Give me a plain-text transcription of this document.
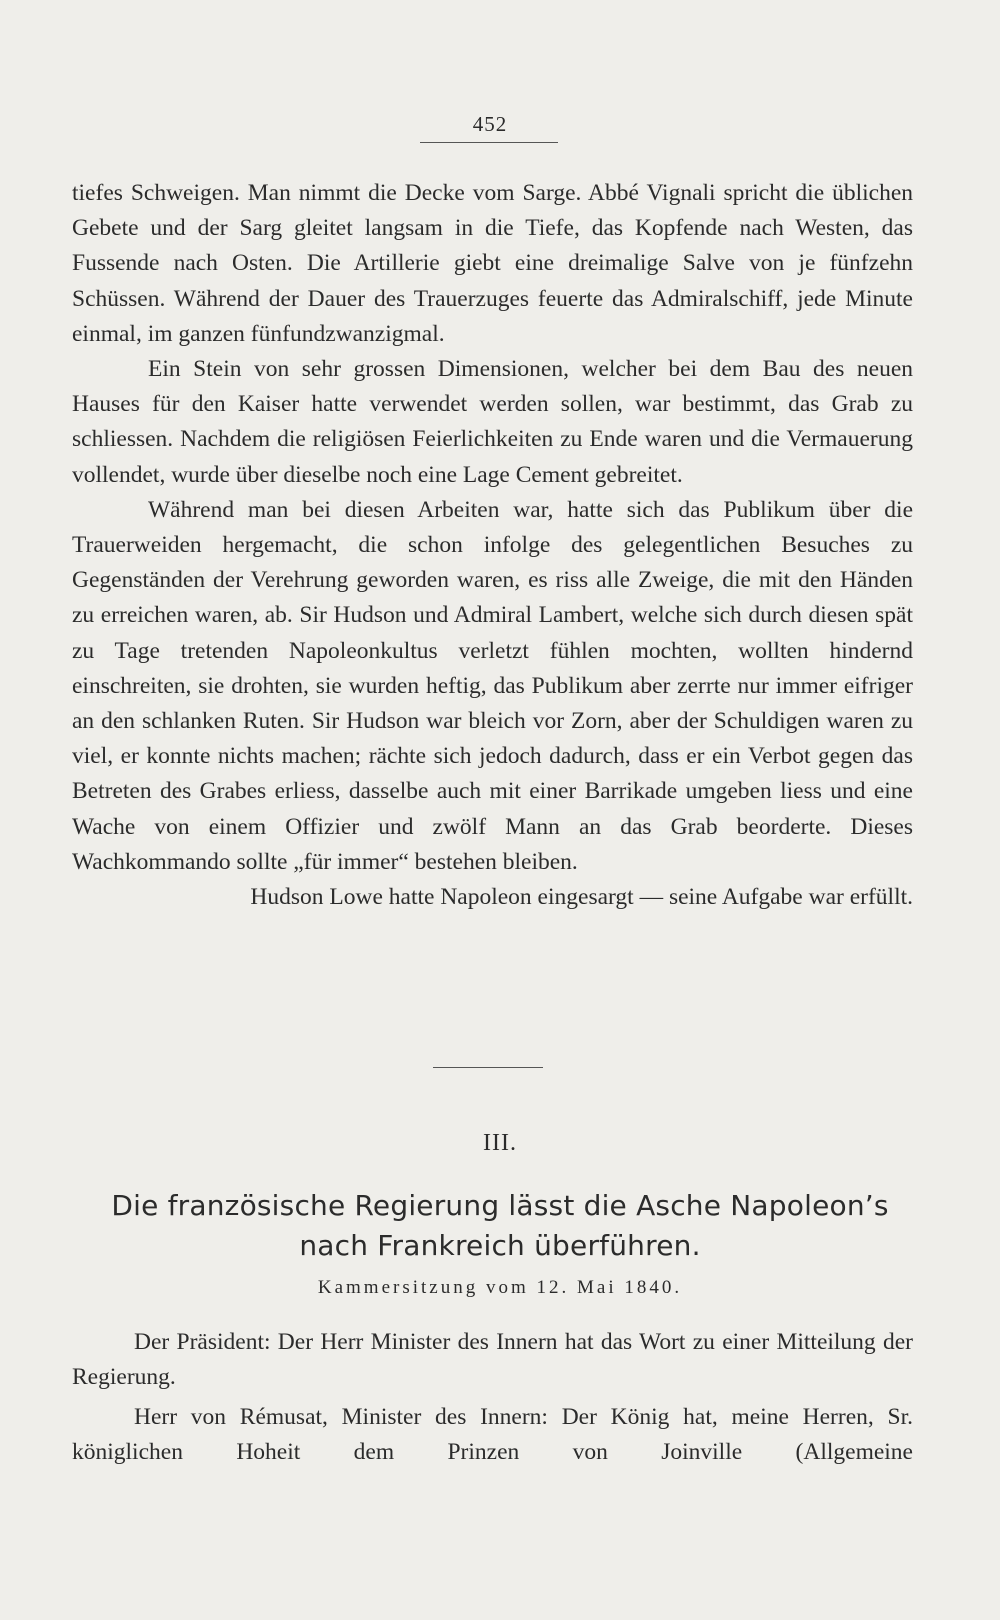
452

tiefes Schweigen. Man nimmt die Decke vom Sarge. Abbé Vignali spricht die üblichen Gebete und der Sarg gleitet langsam in die Tiefe, das Kopfende nach Westen, das Fussende nach Osten. Die Artillerie giebt eine dreimalige Salve von je fünfzehn Schüssen. Während der Dauer des Trauerzuges feuerte das Admiralschiff, jede Minute einmal, im ganzen fünfundzwanzigmal.

Ein Stein von sehr grossen Dimensionen, welcher bei dem Bau des neuen Hauses für den Kaiser hatte verwendet werden sollen, war bestimmt, das Grab zu schliessen. Nachdem die religiösen Feierlichkeiten zu Ende waren und die Vermauerung vollendet, wurde über dieselbe noch eine Lage Cement gebreitet.

Während man bei diesen Arbeiten war, hatte sich das Publikum über die Trauerweiden hergemacht, die schon infolge des gelegentlichen Besuches zu Gegenständen der Verehrung geworden waren, es riss alle Zweige, die mit den Händen zu erreichen waren, ab. Sir Hudson und Admiral Lambert, welche sich durch diesen spät zu Tage tretenden Napoleonkultus verletzt fühlen mochten, wollten hindernd einschreiten, sie drohten, sie wurden heftig, das Publikum aber zerrte nur immer eifriger an den schlanken Ruten. Sir Hudson war bleich vor Zorn, aber der Schuldigen waren zu viel, er konnte nichts machen; rächte sich jedoch dadurch, dass er ein Verbot gegen das Betreten des Grabes erliess, dasselbe auch mit einer Barrikade umgeben liess und eine Wache von einem Offizier und zwölf Mann an das Grab beorderte. Dieses Wachkommando sollte „für immer“ bestehen bleiben.

Hudson Lowe hatte Napoleon eingesargt — seine Aufgabe war erfüllt.

III.
Die französische Regierung lässt die Asche Napoleon’s
nach Frankreich überführen.
Kammersitzung vom 12. Mai 1840.

Der Präsident: Der Herr Minister des Innern hat das Wort zu einer Mitteilung der Regierung.

Herr von Rémusat, Minister des Innern: Der König hat, meine Herren, Sr. königlichen Hoheit dem Prinzen von Joinville (Allgemeine
